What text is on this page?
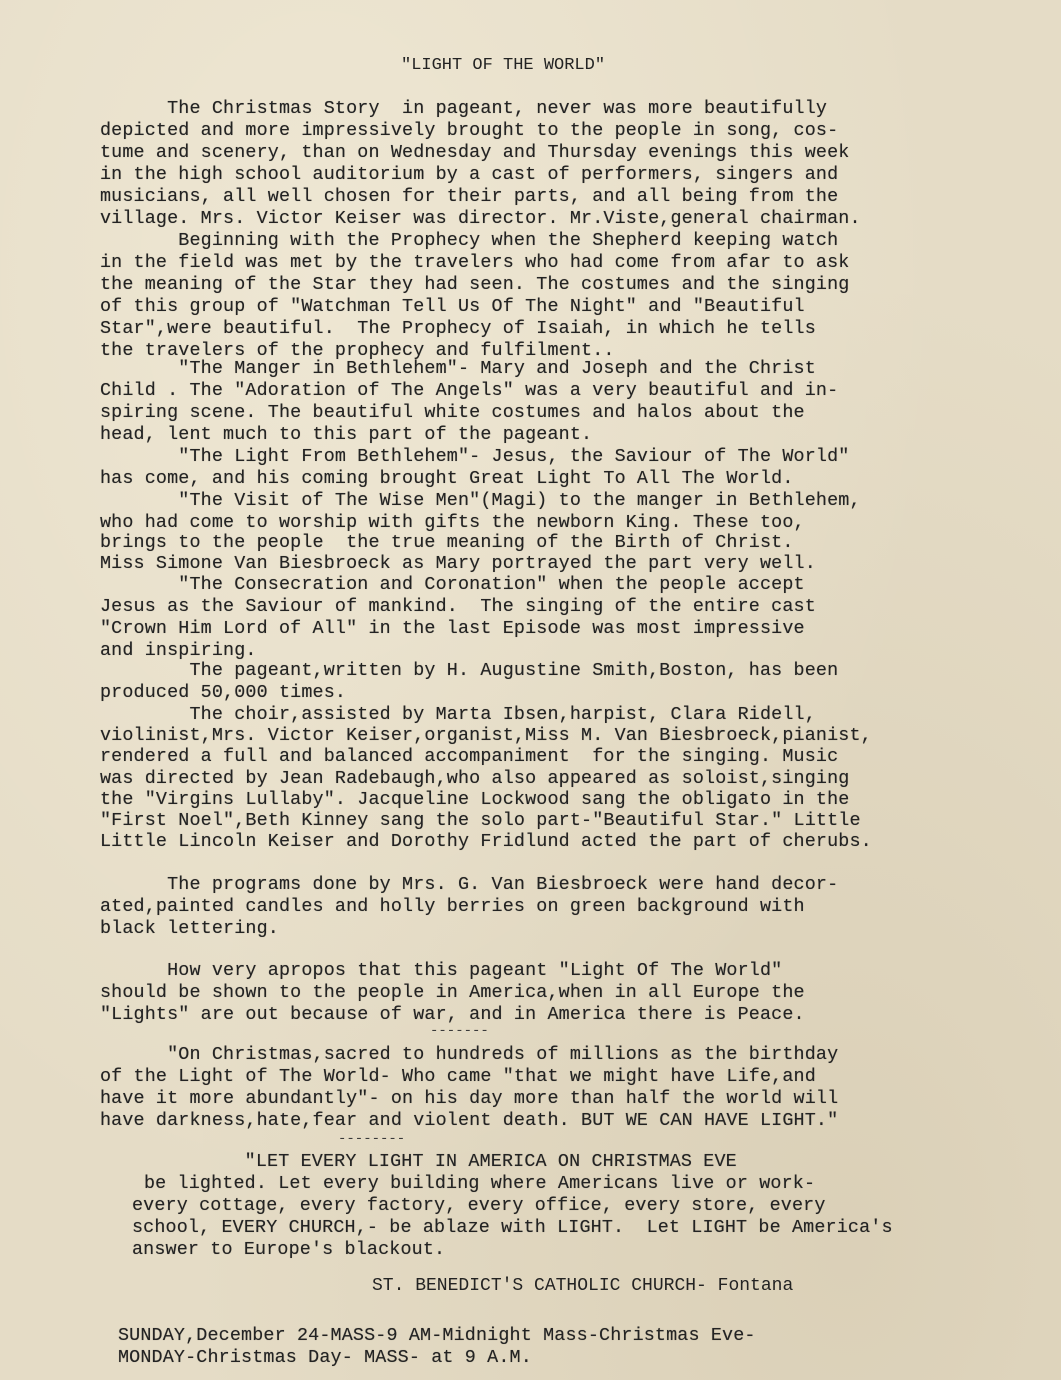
"LIGHT OF THE WORLD"
The Christmas Story  in pageant, never was more beautifully
depicted and more impressively brought to the people in song, cos-
tume and scenery, than on Wednesday and Thursday evenings this week
in the high school auditorium by a cast of performers, singers and
musicians, all well chosen for their parts, and all being from the
village. Mrs. Victor Keiser was director. Mr.Viste,general chairman.
Beginning with the Prophecy when the Shepherd keeping watch
in the field was met by the travelers who had come from afar to ask
the meaning of the Star they had seen. The costumes and the singing
of this group of "Watchman Tell Us Of The Night" and "Beautiful
Star",were beautiful.  The Prophecy of Isaiah, in which he tells
the travelers of the prophecy and fulfilment..
"The Manger in Bethlehem"- Mary and Joseph and the Christ
Child . The "Adoration of The Angels" was a very beautiful and in-
spiring scene. The beautiful white costumes and halos about the
head, lent much to this part of the pageant.
"The Light From Bethlehem"- Jesus, the Saviour of The World"
has come, and his coming brought Great Light To All The World.
"The Visit of The Wise Men"(Magi) to the manger in Bethlehem,
who had come to worship with gifts the newborn King. These too,
brings to the people  the true meaning of the Birth of Christ.
Miss Simone Van Biesbroeck as Mary portrayed the part very well.
"The Consecration and Coronation" when the people accept
Jesus as the Saviour of mankind.  The singing of the entire cast
"Crown Him Lord of All" in the last Episode was most impressive
and inspiring.
The pageant,written by H. Augustine Smith,Boston, has been
produced 50,000 times.
The choir,assisted by Marta Ibsen,harpist, Clara Ridell,
violinist,Mrs. Victor Keiser,organist,Miss M. Van Biesbroeck,pianist,
rendered a full and balanced accompaniment  for the singing. Music
was directed by Jean Radebaugh,who also appeared as soloist,singing
the "Virgins Lullaby". Jacqueline Lockwood sang the obligato in the
"First Noel",Beth Kinney sang the solo part-"Beautiful Star." Little
Little Lincoln Keiser and Dorothy Fridlund acted the part of cherubs.
The programs done by Mrs. G. Van Biesbroeck were hand decor-
ated,painted candles and holly berries on green background with
black lettering.
How very apropos that this pageant "Light Of The World"
should be shown to the people in America,when in all Europe the
"Lights" are out because of war, and in America there is Peace.
-------
"On Christmas,sacred to hundreds of millions as the birthday
of the Light of The World- Who came "that we might have Life,and
have it more abundantly"- on his day more than half the world will
have darkness,hate,fear and violent death. BUT WE CAN HAVE LIGHT."
--------
"LET EVERY LIGHT IN AMERICA ON CHRISTMAS EVE
be lighted. Let every building where Americans live or work-
every cottage, every factory, every office, every store, every
school, EVERY CHURCH,- be ablaze with LIGHT.  Let LIGHT be America's
answer to Europe's blackout.
ST. BENEDICT'S CATHOLIC CHURCH- Fontana
SUNDAY,December 24-MASS-9 AM-Midnight Mass-Christmas Eve-
MONDAY-Christmas Day- MASS- at 9 A.M.
